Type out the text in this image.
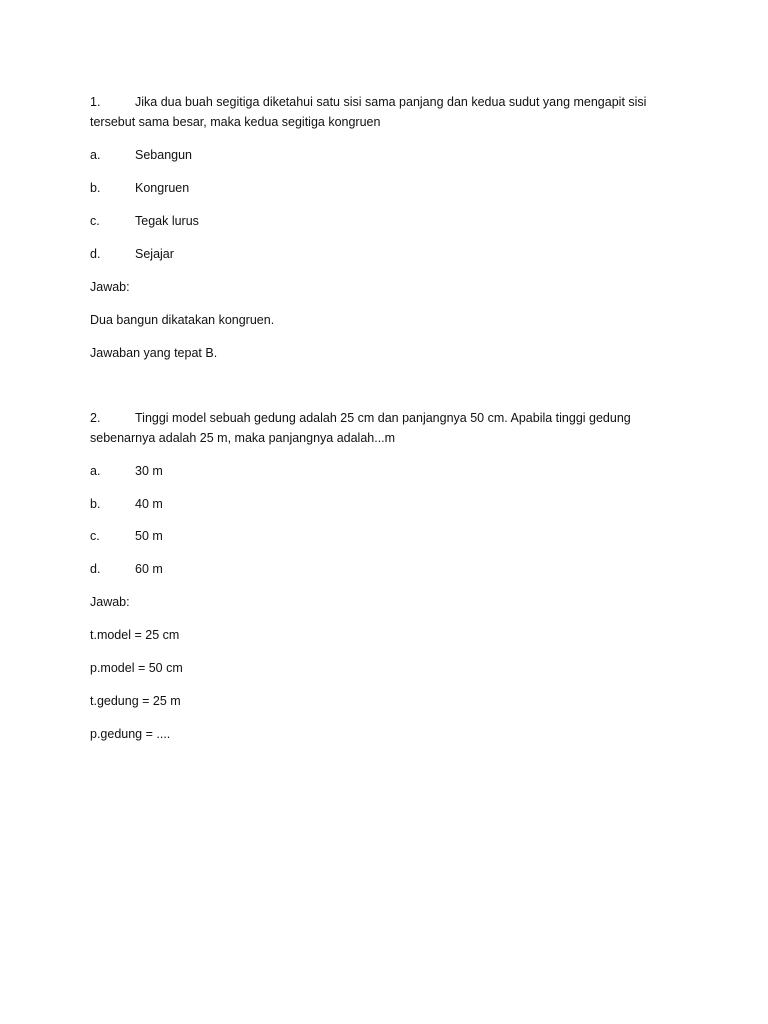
1.	Jika dua buah segitiga diketahui satu sisi sama panjang dan kedua sudut yang mengapit sisi
tersebut sama besar, maka kedua segitiga kongruen
a.	Sebangun
b.	Kongruen
c.	Tegak lurus
d.	Sejajar
Jawab:
Dua bangun dikatakan kongruen.
Jawaban yang tepat B.
2.	Tinggi model sebuah gedung adalah 25 cm dan panjangnya 50 cm. Apabila tinggi gedung
sebenarnya adalah 25 m, maka panjangnya adalah...m
a.	30 m
b.	40 m
c.	50 m
d.	60 m
Jawab:
t.model = 25 cm
p.model = 50 cm
t.gedung = 25 m
p.gedung = ....
